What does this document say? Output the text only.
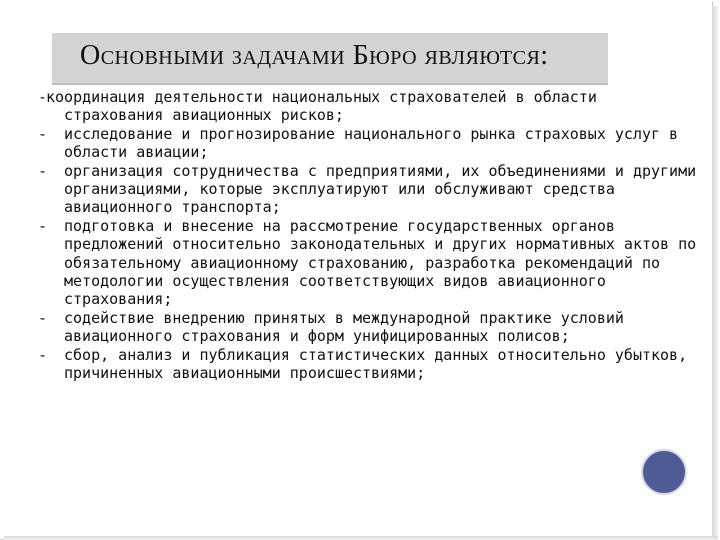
Основными задачами Бюро являются:
-
координация деятельности национальных страхователей в области страхования авиационных рисков;
- исследование и прогнозирование национального рынка страховых услуг в области авиации;
- организация сотрудничества с предприятиями, их объединениями и другими организациями, которые эксплуатируют или обслуживают средства авиационного транспорта;
- подготовка и внесение на рассмотрение государственных органов предложений относительно законодательных и других нормативных актов по обязательному авиационному страхованию, разработка рекомендаций по методологии осуществления соответствующих видов авиационного страхования;
- содействие внедрению принятых в международной практике условий авиационного страхования и форм унифицированных полисов;
- сбор, анализ и публикация статистических данных относительно убытков, причиненных авиационными происшествиями;
